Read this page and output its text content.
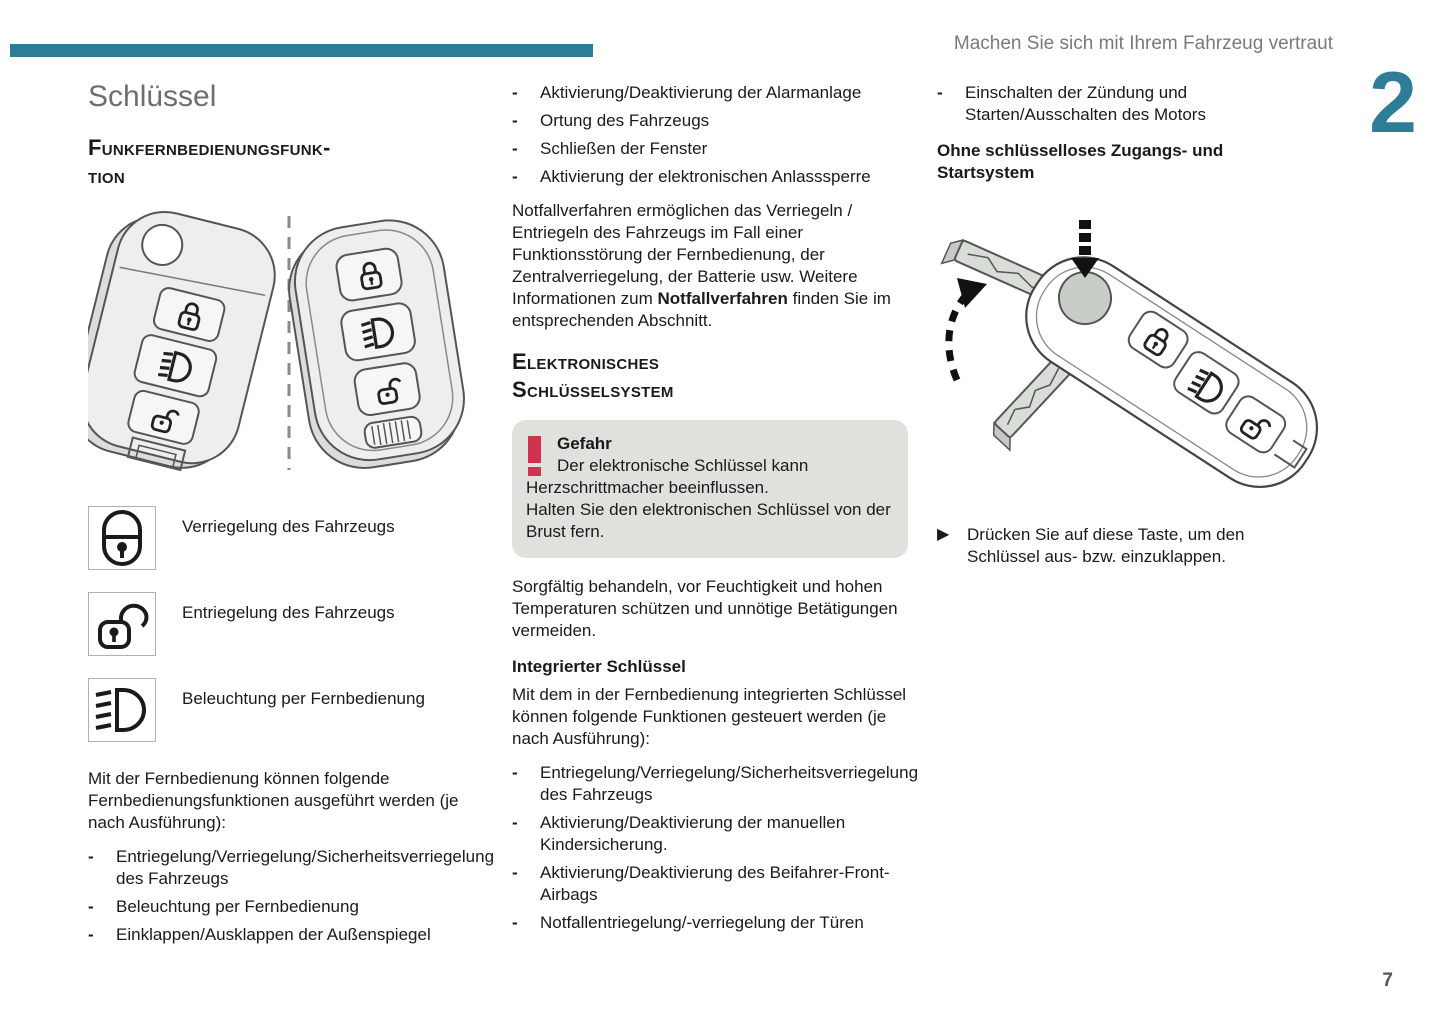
Machen Sie sich mit Ihrem Fahrzeug vertraut
2
Schlüssel
Funkfernbedienungsfunk-
tion
Verriegelung des Fahrzeugs
Entriegelung des Fahrzeugs
Beleuchtung per Fernbedienung
Mit der Fernbedienung können folgende Fernbedienungsfunktionen ausgeführt werden (je nach Ausführung):
-	Entriegelung/Verriegelung/Sicherheitsverriegelung des Fahrzeugs
-	Beleuchtung per Fernbedienung
-	Einklappen/Ausklappen der Außenspiegel
-	Aktivierung/Deaktivierung der Alarmanlage
-	Ortung des Fahrzeugs
-	Schließen der Fenster
-	Aktivierung der elektronischen Anlasssperre
Notfallverfahren ermöglichen das Verriegeln / Entriegeln des Fahrzeugs im Fall einer Funktionsstörung der Fernbedienung, der Zentralverriegelung, der Batterie usw. Weitere Informationen zum Notfallverfahren finden Sie im entsprechenden Abschnitt.
Elektronisches
Schlüsselsystem
Gefahr
Der elektronische Schlüssel kann Herzschrittmacher beeinflussen.
Halten Sie den elektronischen Schlüssel von der Brust fern.
Sorgfältig behandeln, vor Feuchtigkeit und hohen Temperaturen schützen und unnötige Betätigungen vermeiden.
Integrierter Schlüssel
Mit dem in der Fernbedienung integrierten Schlüssel können folgende Funktionen gesteuert werden (je nach Ausführung):
-	Entriegelung/Verriegelung/Sicherheitsverriegelung des Fahrzeugs
-	Aktivierung/Deaktivierung der manuellen Kindersicherung.
-	Aktivierung/Deaktivierung des Beifahrer-Front-Airbags
-	Notfallentriegelung/-verriegelung der Türen
-	Einschalten der Zündung und Starten/Ausschalten des Motors
Ohne schlüsselloses Zugangs- und Startsystem
▶	Drücken Sie auf diese Taste, um den Schlüssel aus- bzw. einzuklappen.
7
